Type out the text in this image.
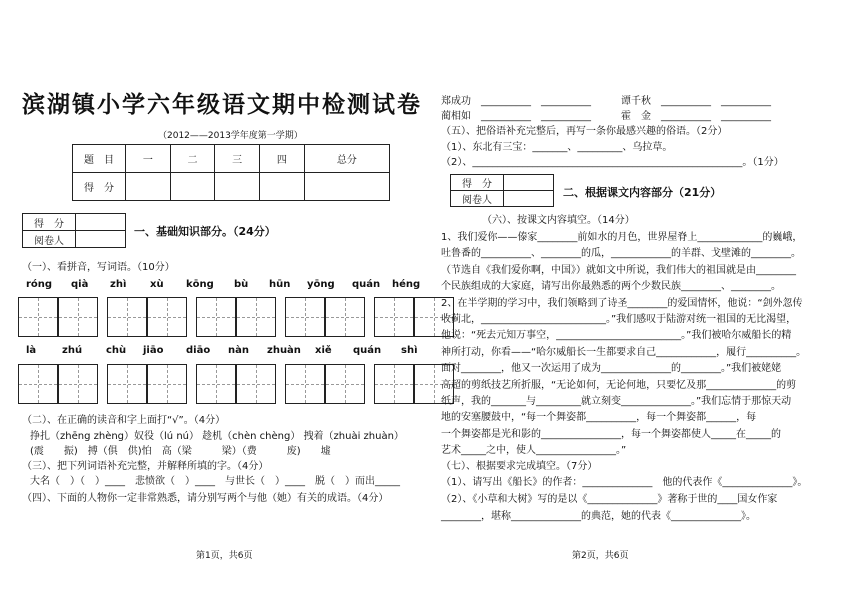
滨湖镇小学六年级语文期中检测试卷
（2012——2013学年度第一学期）
题　目	一	二	三	四	总分
得　分					
得　分	
阅卷人	
一、基础知识部分。（24分）
（一）、看拼音，写词语。（10分）
róng qià zhì xù kōng bù hūn yōng quán héng
là	zhú chù jiāo diāo nàn zhuàn xiě quán shì
（二）、在正确的读音和字上面打“√”。（4分）
挣扎（zhēng zhèng）奴役（lú nú） 趁机（chèn chèng） 拽着（zhuài zhuàn）
(震　　振)　搏（俱　供)怕　高（梁　　　梁）（费　　　废)　　墟
（三）、把下列词语补充完整，并解释所填的字。（4分）
大名（　）（　）____　悲愤欲（　）____　与世长（　）____　脱（　）而出_____
（四）、下面的人物你一定非常熟悉，请分别写两个与他（她）有关的成语。（4分）
第1页，共6页
郑成功　__________　__________　　　谭千秋　__________　__________
蔺相如　__________　__________　　　霍　金　__________　__________
（五）、把俗语补充完整后，再写一条你最感兴趣的俗语。（2分）
（1）、东北有三宝：_______、_________、乌拉草。
（2）、______________________________________________________。（1分）
得　分	
阅卷人	
二、根据课文内容部分（21分）
（六）、按课文内容填空。（14分）
1、我们爱你——傣家________前如水的月色，世界屋脊上_____________的巍峨，
吐鲁番的__________、________的瓜，____________的羊群、戈壁滩的________。
（节选自《我们爱你啊，中国》）就如文中所说，我们伟大的祖国就是由________
个民族组成的大家庭，请写出你最熟悉的两个少数民族________、________。
2、在半学期的学习中，我们领略到了诗圣________的爱国情怀，他说：“剑外忽传
收蓟北，_________________________。”我们感叹于陆游对统一祖国的无比渴望，
他说：“死去元知万事空，_________________________。”我们被哈尔威船长的精
神所打动，你看——“哈尔威船长一生都要求自己____________，履行__________。
面对________，他又一次运用了成为______________的________。”我们被姥姥
高超的剪纸技艺所折服，“无论如何，无论何地，只要忆及那______________的剪
纸声，我的_______与_________就立刻变______________。”我们忘情于那惊天动
地的安塞腰鼓中，“每一个舞姿都__________，每一个舞姿都______，每
一个舞姿都是光和影的________________，每一个舞姿都使人_____在_____的
艺术_____之中，使人________________。”
（七）、根据要求完成填空。（7分）
（1）、请写出《船长》的作者：______________　他的代表作《______________》。
（2）、《小草和大树》写的是以《______________》著称于世的____国女作家
________，堪称______________的典范，她的代表《______________》。
第2页，共6页
